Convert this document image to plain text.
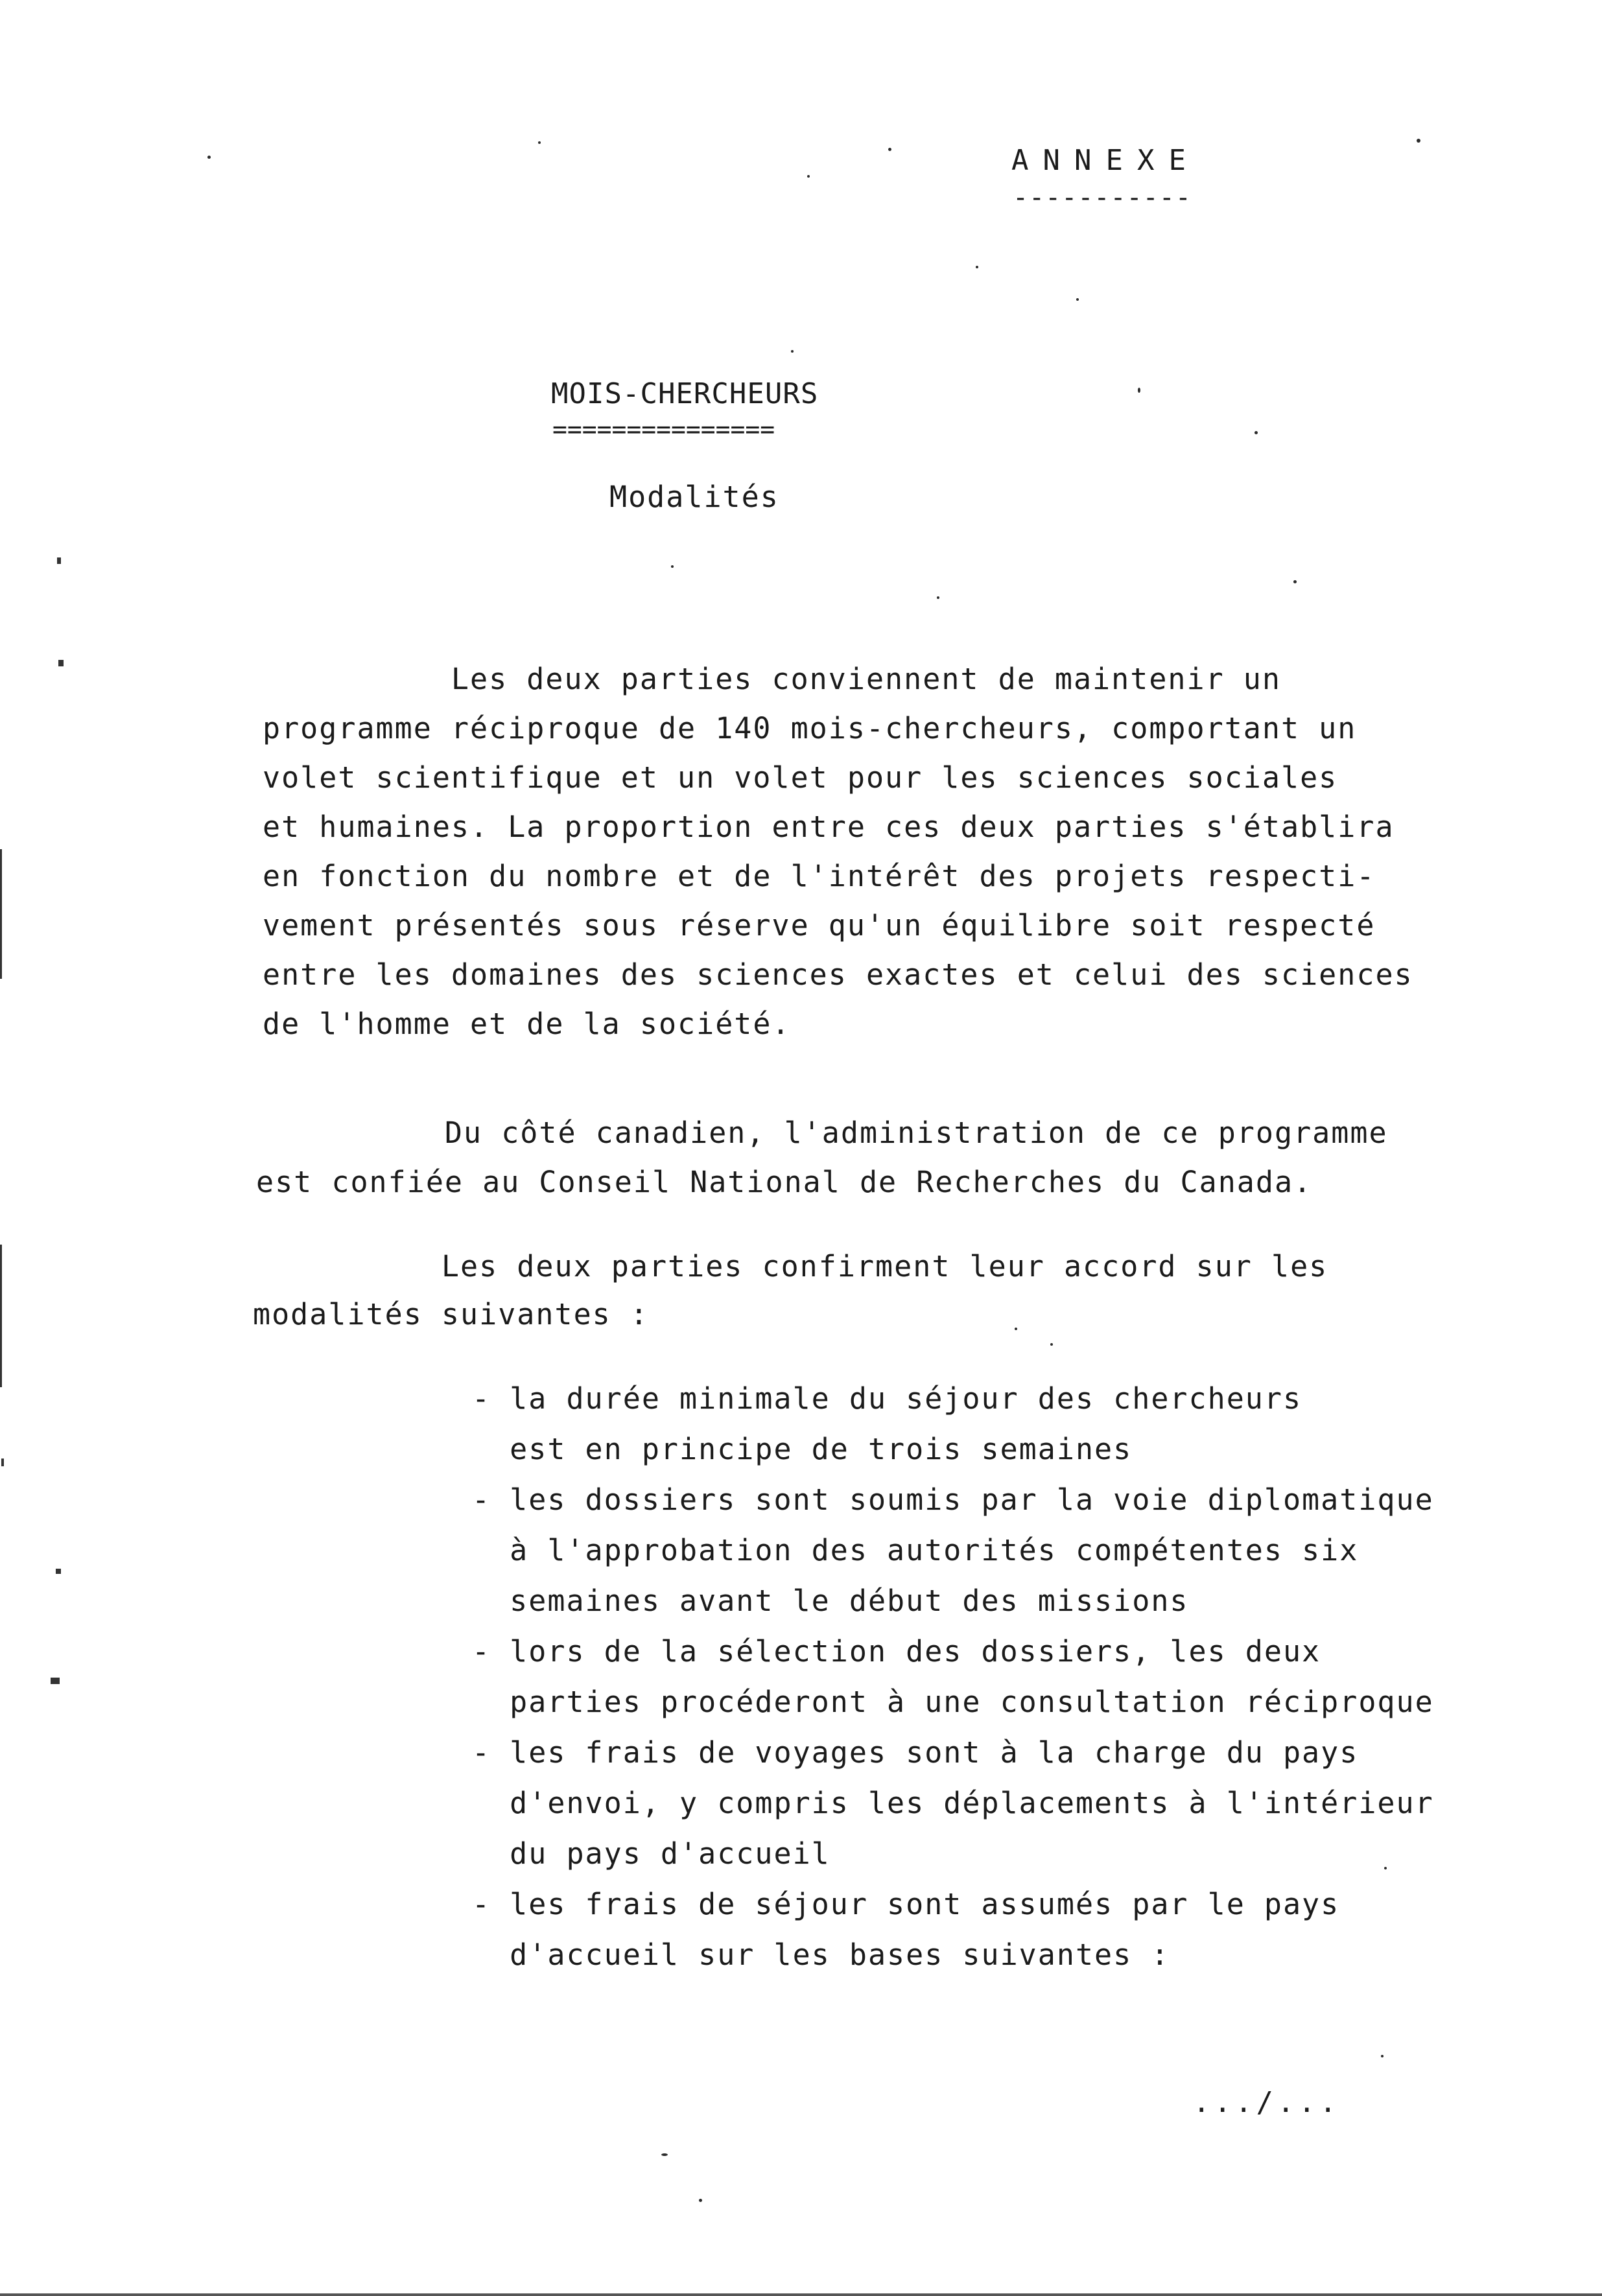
ANNEXE
-----------
MOIS-CHERCHEURS
===============
Modalités
Les deux parties conviennent de maintenir un
programme réciproque de 140 mois-chercheurs, comportant un
volet scientifique et un volet pour les sciences sociales
et humaines. La proportion entre ces deux parties s'établira
en fonction du nombre et de l'intérêt des projets respecti-
vement présentés sous réserve qu'un équilibre soit respecté
entre les domaines des sciences exactes et celui des sciences
de l'homme et de la société.
Du côté canadien, l'administration de ce programme
est confiée au Conseil National de Recherches du Canada.
Les deux parties confirment leur accord sur les
modalités suivantes :
- la durée minimale du séjour des chercheurs
est en principe de trois semaines
- les dossiers sont soumis par la voie diplomatique
à l'approbation des autorités compétentes six
semaines avant le début des missions
- lors de la sélection des dossiers, les deux
parties procéderont à une consultation réciproque
- les frais de voyages sont à la charge du pays
d'envoi, y compris les déplacements à l'intérieur
du pays d'accueil
- les frais de séjour sont assumés par le pays
d'accueil sur les bases suivantes :
.../...
